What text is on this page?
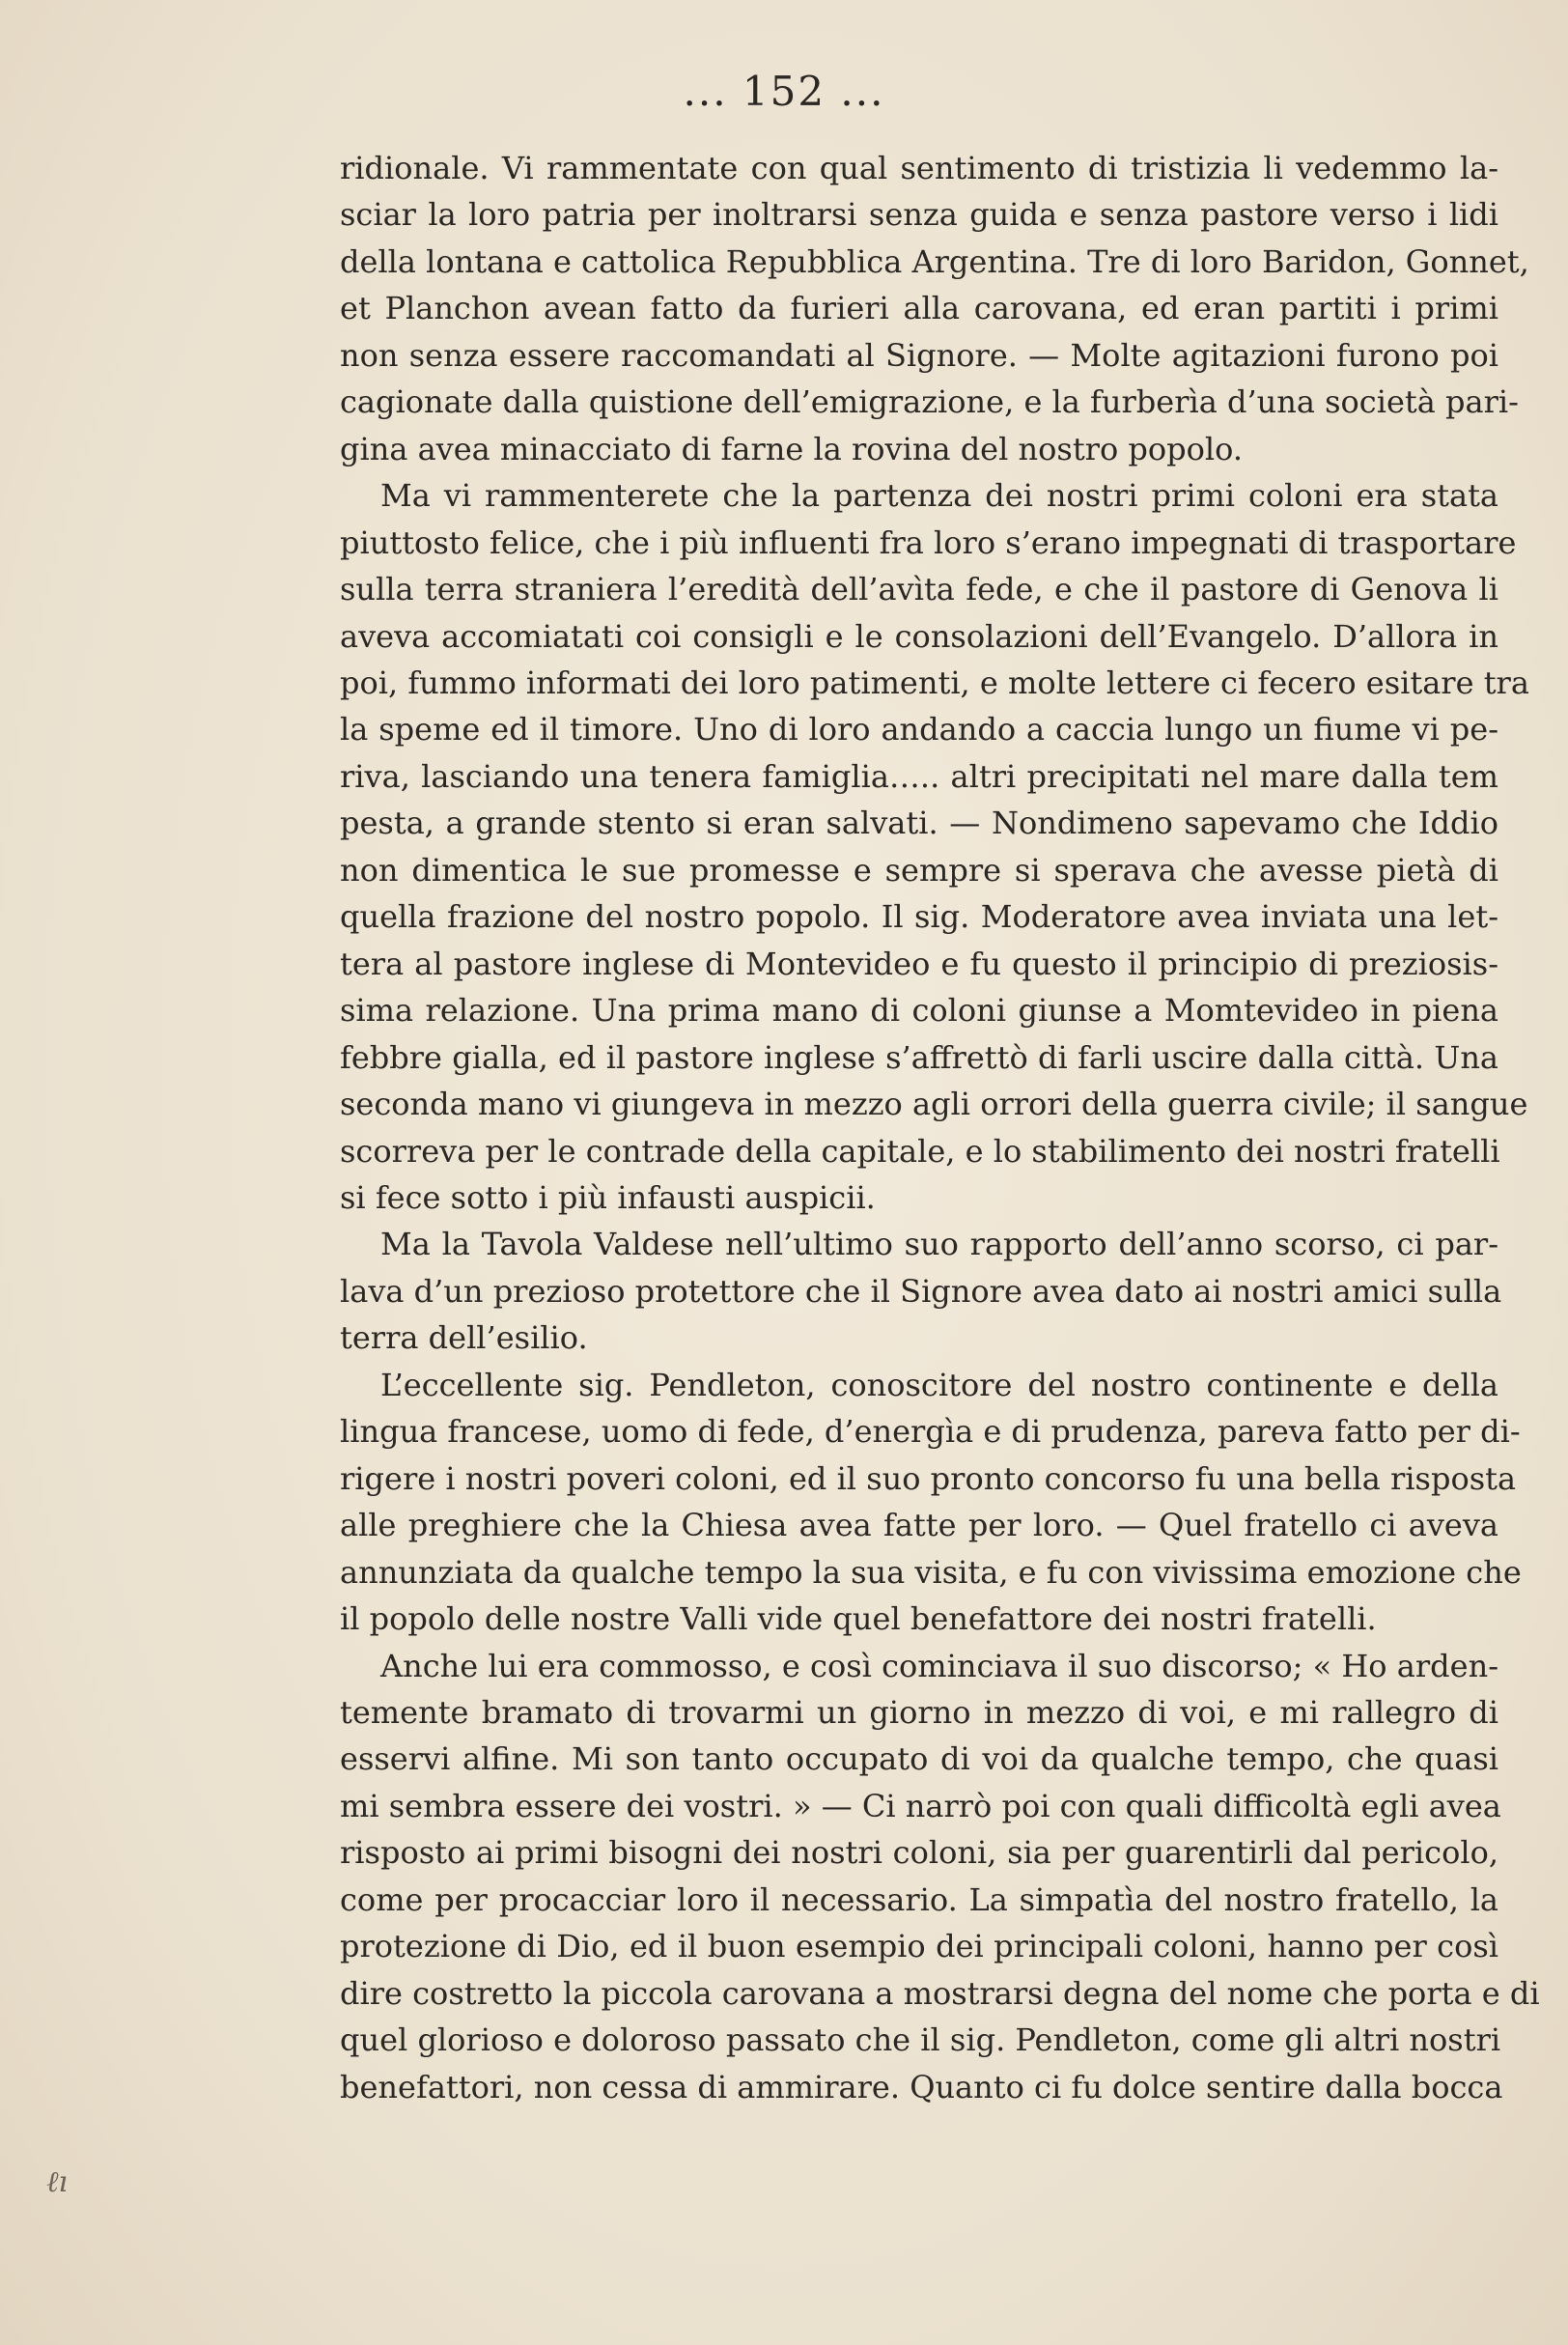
... 152 ...
ridionale. Vi rammentate con qual sentimento di tristizia li vedemmo la-
sciar la loro patria per inoltrarsi senza guida e senza pastore verso i lidi
della lontana e cattolica Repubblica Argentina. Tre di loro Baridon, Gonnet,
et Planchon avean fatto da furieri alla carovana, ed eran partiti i primi
non senza essere raccomandati al Signore. — Molte agitazioni furono poi
cagionate dalla quistione dell’emigrazione, e la furberìa d’una società pari-
gina avea minacciato di farne la rovina del nostro popolo.
Ma vi rammenterete che la partenza dei nostri primi coloni era stata
piuttosto felice, che i più influenti fra loro s’erano impegnati di trasportare
sulla terra straniera l’eredità dell’avìta fede, e che il pastore di Genova li
aveva accomiatati coi consigli e le consolazioni dell’Evangelo. D’allora in
poi, fummo informati dei loro patimenti, e molte lettere ci fecero esitare tra
la speme ed il timore. Uno di loro andando a caccia lungo un fiume vi pe-
riva, lasciando una tenera famiglia….. altri precipitati nel mare dalla tem
pesta, a grande stento si eran salvati. — Nondimeno sapevamo che Iddio
non dimentica le sue promesse e sempre si sperava che avesse pietà di
quella frazione del nostro popolo. Il sig. Moderatore avea inviata una let-
tera al pastore inglese di Montevideo e fu questo il principio di preziosis-
sima relazione. Una prima mano di coloni giunse a Momtevideo in piena
febbre gialla, ed il pastore inglese s’affrettò di farli uscire dalla città. Una
seconda mano vi giungeva in mezzo agli orrori della guerra civile; il sangue
scorreva per le contrade della capitale, e lo stabilimento dei nostri fratelli
si fece sotto i più infausti auspicii.
Ma la Tavola Valdese nell’ultimo suo rapporto dell’anno scorso, ci par-
lava d’un prezioso protettore che il Signore avea dato ai nostri amici sulla
terra dell’esilio.
L’eccellente sig. Pendleton, conoscitore del nostro continente e della
lingua francese, uomo di fede, d’energìa e di prudenza, pareva fatto per di-
rigere i nostri poveri coloni, ed il suo pronto concorso fu una bella risposta
alle preghiere che la Chiesa avea fatte per loro. — Quel fratello ci aveva
annunziata da qualche tempo la sua visita, e fu con vivissima emozione che
il popolo delle nostre Valli vide quel benefattore dei nostri fratelli.
Anche lui era commosso, e così cominciava il suo discorso; « Ho arden-
temente bramato di trovarmi un giorno in mezzo di voi, e mi rallegro di
esservi alfine. Mi son tanto occupato di voi da qualche tempo, che quasi
mi sembra essere dei vostri. » — Ci narrò poi con quali difficoltà egli avea
risposto ai primi bisogni dei nostri coloni, sia per guarentirli dal pericolo,
come per procacciar loro il necessario. La simpatìa del nostro fratello, la
protezione di Dio, ed il buon esempio dei principali coloni, hanno per così
dire costretto la piccola carovana a mostrarsi degna del nome che porta e di
quel glorioso e doloroso passato che il sig. Pendleton, come gli altri nostri
benefattori, non cessa di ammirare. Quanto ci fu dolce sentire dalla bocca
ℓı
